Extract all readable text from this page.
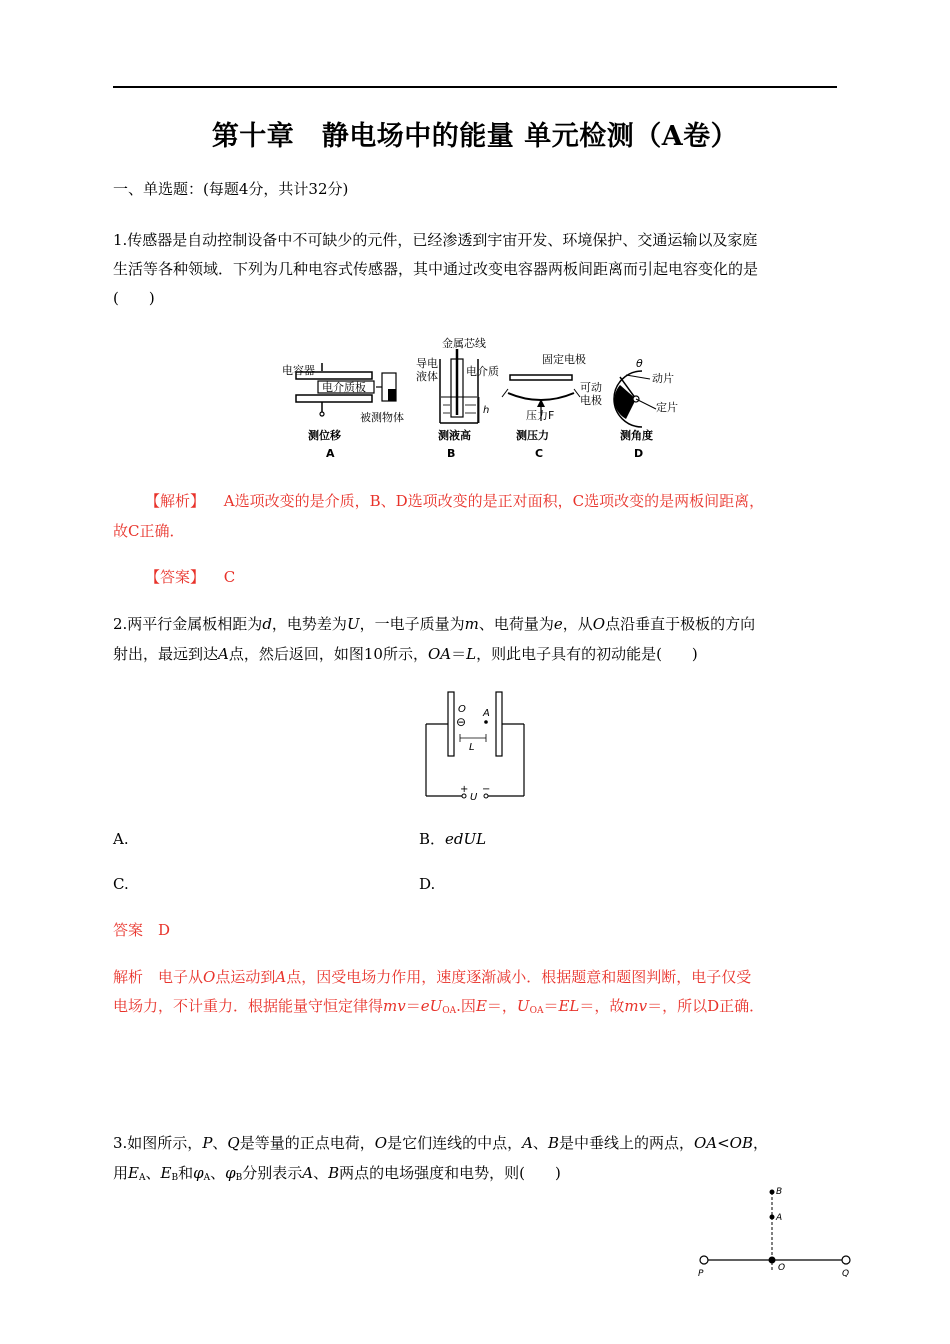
第十章　静电场中的能量 单元检测（A卷）
一、单选题：(每题4分，共计32分)
1.传感器是自动控制设备中不可缺少的元件，已经渗透到宇宙开发、环境保护、交通运输以及家庭
生活等各种领域．下列为几种电容式传感器，其中通过改变电容器两板间距离而引起电容变化的是
(　　)
电容器
电介质板
被测物体
测位移
A
h
金属芯线
导电
液体	电介质
测液高
B
固定电极
可动
电极
压力F
测压力
C
θ
动片
定片
测角度
D
【解析】 A选项改变的是介质，B、D选项改变的是正对面积，C选项改变的是两板间距离，
故C正确．
【答案】 C
2.两平行金属板相距为d，电势差为U，一电子质量为m、电荷量为e，从O点沿垂直于极板的方向
射出，最远到达A点，然后返回，如图10所示，OA＝L，则此电子具有的初动能是(　　)
⊖
O A
L
+ −
U
A.	B．edUL
C.	D.
答案　D
解析　电子从O点运动到A点，因受电场力作用，速度逐渐减小．根据题意和题图判断，电子仅受
电场力，不计重力．根据能量守恒定律得$mv=eU_{OA}$.因E＝，$U_{OA}=EL=$，故mv＝，所以D正确．
3.如图所示，P、Q是等量的正点电荷，O是它们连线的中点，A、B是中垂线上的两点，OA<OB，
用$E_A$、$E_B$和$\varphi_A$、$\varphi_B$分别表示A、B两点的电场强度和电势，则(　　)
B
A
O
P	Q
